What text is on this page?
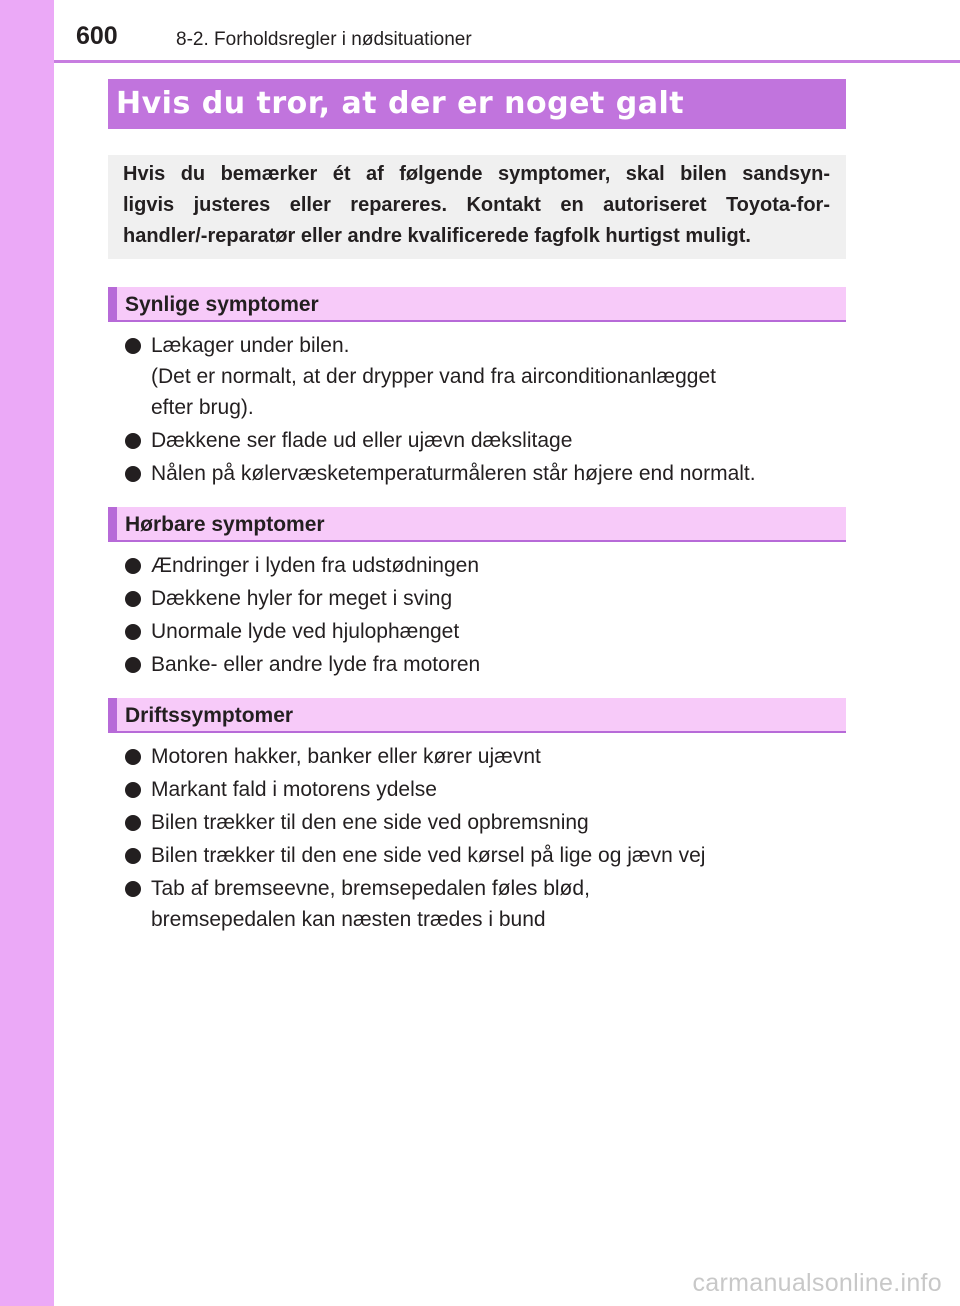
600	8-2. Forholdsregler i nødsituationer
Hvis du tror, at der er noget galt
Hvis du bemærker ét af følgende symptomer, skal bilen sandsyn-
ligvis justeres eller repareres. Kontakt en autoriseret Toyota-for-
handler/-reparatør eller andre kvalificerede fagfolk hurtigst muligt.
Synlige symptomer
Lækager under bilen.
(Det er normalt, at der drypper vand fra airconditionanlægget
efter brug).
Dækkene ser flade ud eller ujævn dækslitage
Nålen på kølervæsketemperaturmåleren står højere end normalt.
Hørbare symptomer
Ændringer i lyden fra udstødningen
Dækkene hyler for meget i sving
Unormale lyde ved hjulophænget
Banke- eller andre lyde fra motoren
Driftssymptomer
Motoren hakker, banker eller kører ujævnt
Markant fald i motorens ydelse
Bilen trækker til den ene side ved opbremsning
Bilen trækker til den ene side ved kørsel på lige og jævn vej
Tab af bremseevne, bremsepedalen føles blød,
bremsepedalen kan næsten trædes i bund
carmanualsonline.info
